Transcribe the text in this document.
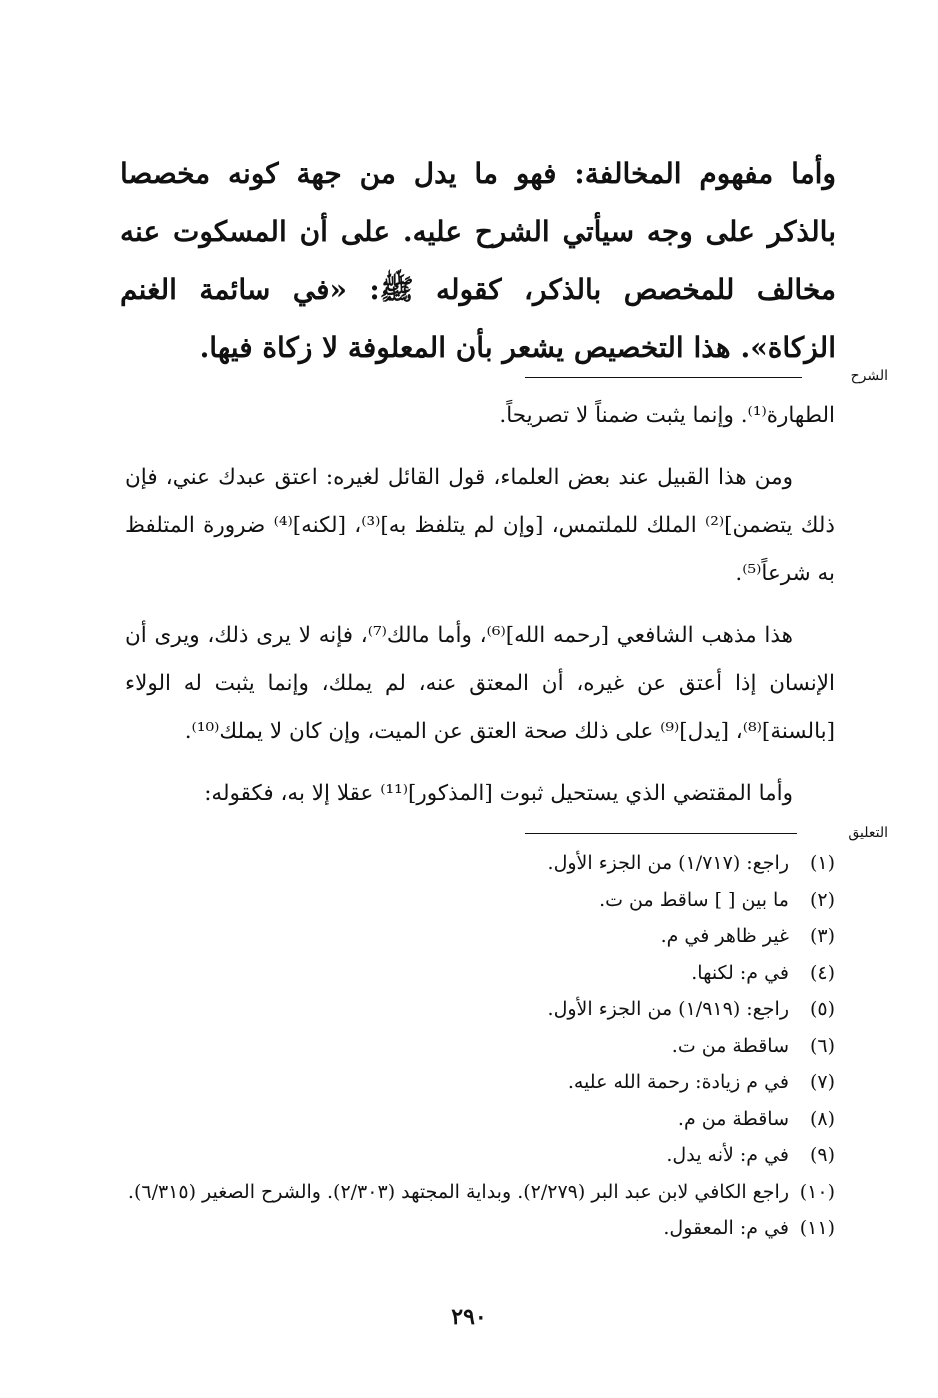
وأما مفهوم المخالفة: فهو ما يدل من جهة كونه مخصصا بالذكر على وجه سيأتي الشرح عليه. على أن المسكوت عنه مخالف للمخصص بالذكر، كقوله ﷺ: «في سائمة الغنم الزكاة». هذا التخصيص يشعر بأن المعلوفة لا زكاة فيها.

الشرح

الطهارة⁽¹⁾. وإنما يثبت ضمناً لا تصريحاً.

ومن هذا القبيل عند بعض العلماء، قول القائل لغيره: اعتق عبدك عني، فإن ذلك يتضمن]⁽²⁾ الملك للملتمس، [وإن لم يتلفظ به]⁽³⁾، [لكنه]⁽⁴⁾ ضرورة المتلفظ به شرعاً⁽⁵⁾.

هذا مذهب الشافعي [رحمه الله]⁽⁶⁾، وأما مالك⁽⁷⁾، فإنه لا يرى ذلك، ويرى أن الإنسان إذا أعتق عن غيره، أن المعتق عنه، لم يملك، وإنما يثبت له الولاء [بالسنة]⁽⁸⁾، [يدل]⁽⁹⁾ على ذلك صحة العتق عن الميت، وإن كان لا يملك⁽¹⁰⁾.

وأما المقتضي الذي يستحيل ثبوت [المذكور]⁽¹¹⁾ عقلا إلا به، فكقوله:

التعليق
(١)
راجع: (١/٧١٧) من الجزء الأول.
(٢)
ما بين [ ] ساقط من ت.
(٣)
غير ظاهر في م.
(٤)
في م: لكنها.
(٥)
راجع: (١/٩١٩) من الجزء الأول.
(٦)
ساقطة من ت.
(٧)
في م زيادة: رحمة الله عليه.
(٨)
ساقطة من م.
(٩)
في م: لأنه يدل.
(١٠)
راجع الكافي لابن عبد البر (٢/٢٧٩). وبداية المجتهد (٢/٣٠٣). والشرح الصغير (٦/٣١٥).
(١١)
في م: المعقول.
٢٩٠
